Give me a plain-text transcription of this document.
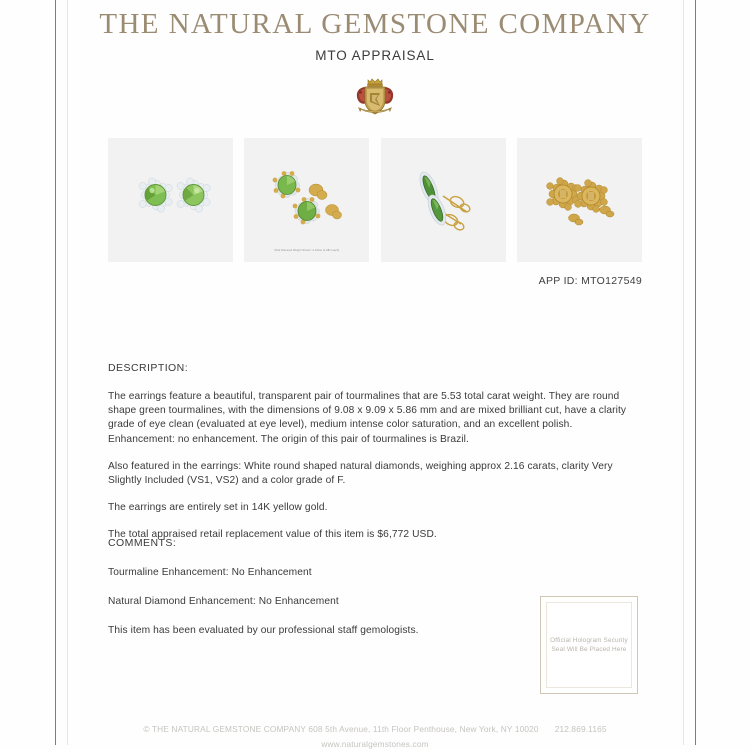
THE NATURAL GEMSTONE COMPANY
MTO APPRAISAL
Total Diamond Weight Shown: 2.16ctw (1.08ct each)
APP ID: MTO127549
DESCRIPTION:

The earrings feature a beautiful, transparent pair of tourmalines that are 5.53 total carat weight. They are round shape green tourmalines, with the dimensions of 9.08 x 9.09 x 5.86 mm and are mixed brilliant cut, have a clarity grade of eye clean (evaluated at eye level), medium intense color saturation, and an excellent polish. Enhancement: no enhancement. The origin of this pair of tourmalines is Brazil.

Also featured in the earrings: White round shaped natural diamonds, weighing approx 2.16 carats, clarity Very Slightly Included (VS1, VS2) and a color grade of F.

The earrings are entirely set in 14K yellow gold.

The total appraised retail replacement value of this item is $6,772 USD.

COMMENTS:

Tourmaline Enhancement: No Enhancement

Natural Diamond Enhancement: No Enhancement

This item has been evaluated by our professional staff gemologists.

Official Hologram Security Seal Will Be Placed Here
© THE NATURAL GEMSTONE COMPANY 608 5th Avenue, 11th Floor Penthouse, New York, NY 10020 212.869.1165
www.naturalgemstones.com
